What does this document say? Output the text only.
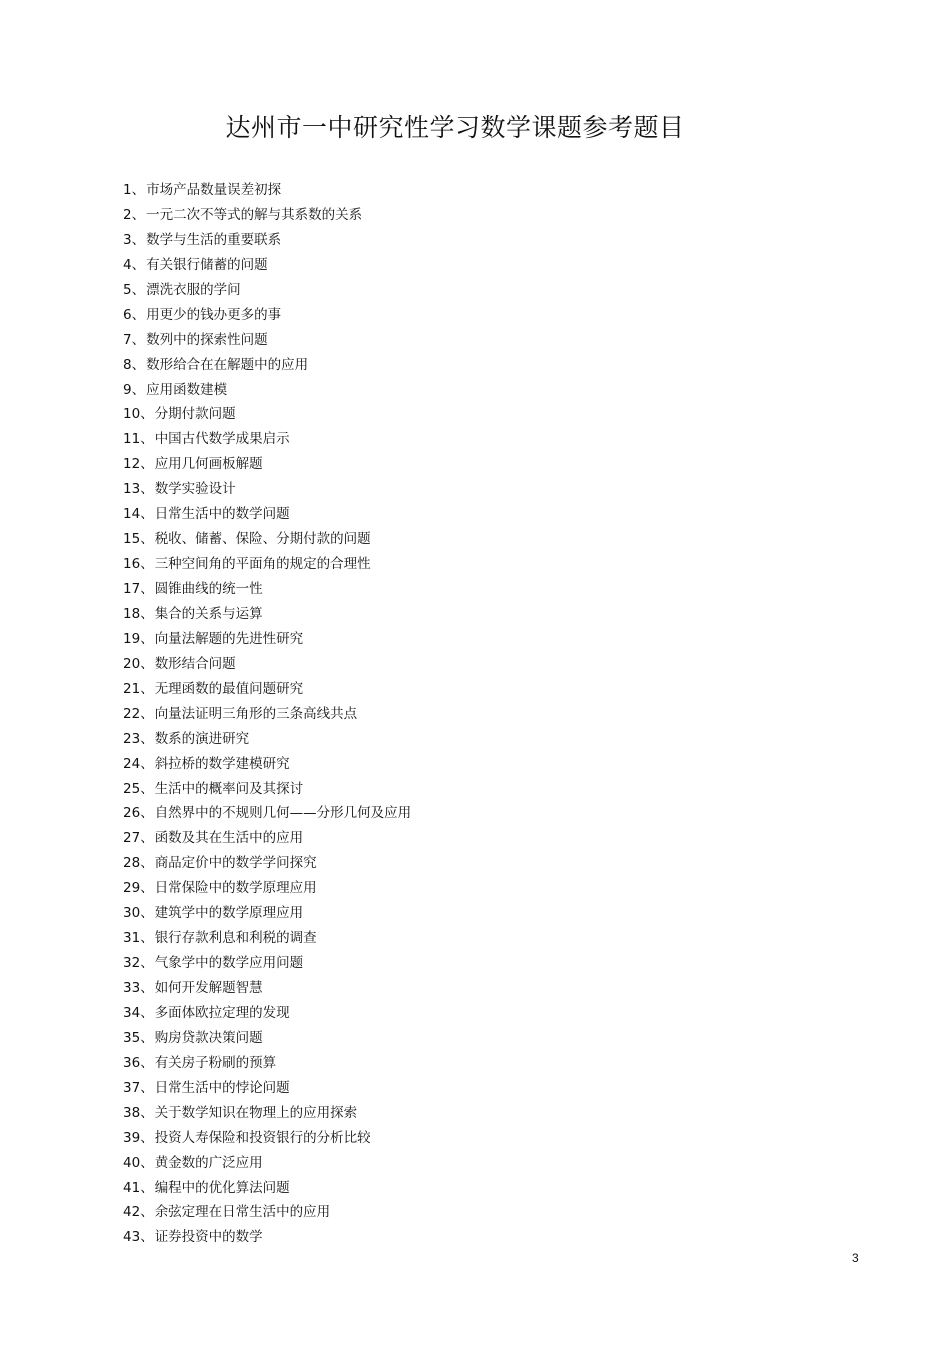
达州市一中研究性学习数学课题参考题目
1、市场产品数量误差初探
2、一元二次不等式的解与其系数的关系
3、数学与生活的重要联系
4、有关银行储蓄的问题
5、漂洗衣服的学问
6、用更少的钱办更多的事
7、数列中的探索性问题
8、数形给合在在解题中的应用
9、应用函数建模
10、分期付款问题
11、中国古代数学成果启示
12、应用几何画板解题
13、数学实验设计
14、日常生活中的数学问题
15、税收、储蓄、保险、分期付款的问题
16、三种空间角的平面角的规定的合理性
17、圆锥曲线的统一性
18、集合的关系与运算
19、向量法解题的先进性研究
20、数形结合问题
21、无理函数的最值问题研究
22、向量法证明三角形的三条高线共点
23、数系的演进研究
24、斜拉桥的数学建模研究
25、生活中的概率问及其探讨
26、自然界中的不规则几何——分形几何及应用
27、函数及其在生活中的应用
28、商品定价中的数学学问探究
29、日常保险中的数学原理应用
30、建筑学中的数学原理应用
31、银行存款利息和利税的调查
32、气象学中的数学应用问题
33、如何开发解题智慧
34、多面体欧拉定理的发现
35、购房贷款决策问题
36、有关房子粉刷的预算
37、日常生活中的悖论问题
38、关于数学知识在物理上的应用探索
39、投资人寿保险和投资银行的分析比较
40、黄金数的广泛应用
41、编程中的优化算法问题
42、余弦定理在日常生活中的应用
43、证券投资中的数学
3
